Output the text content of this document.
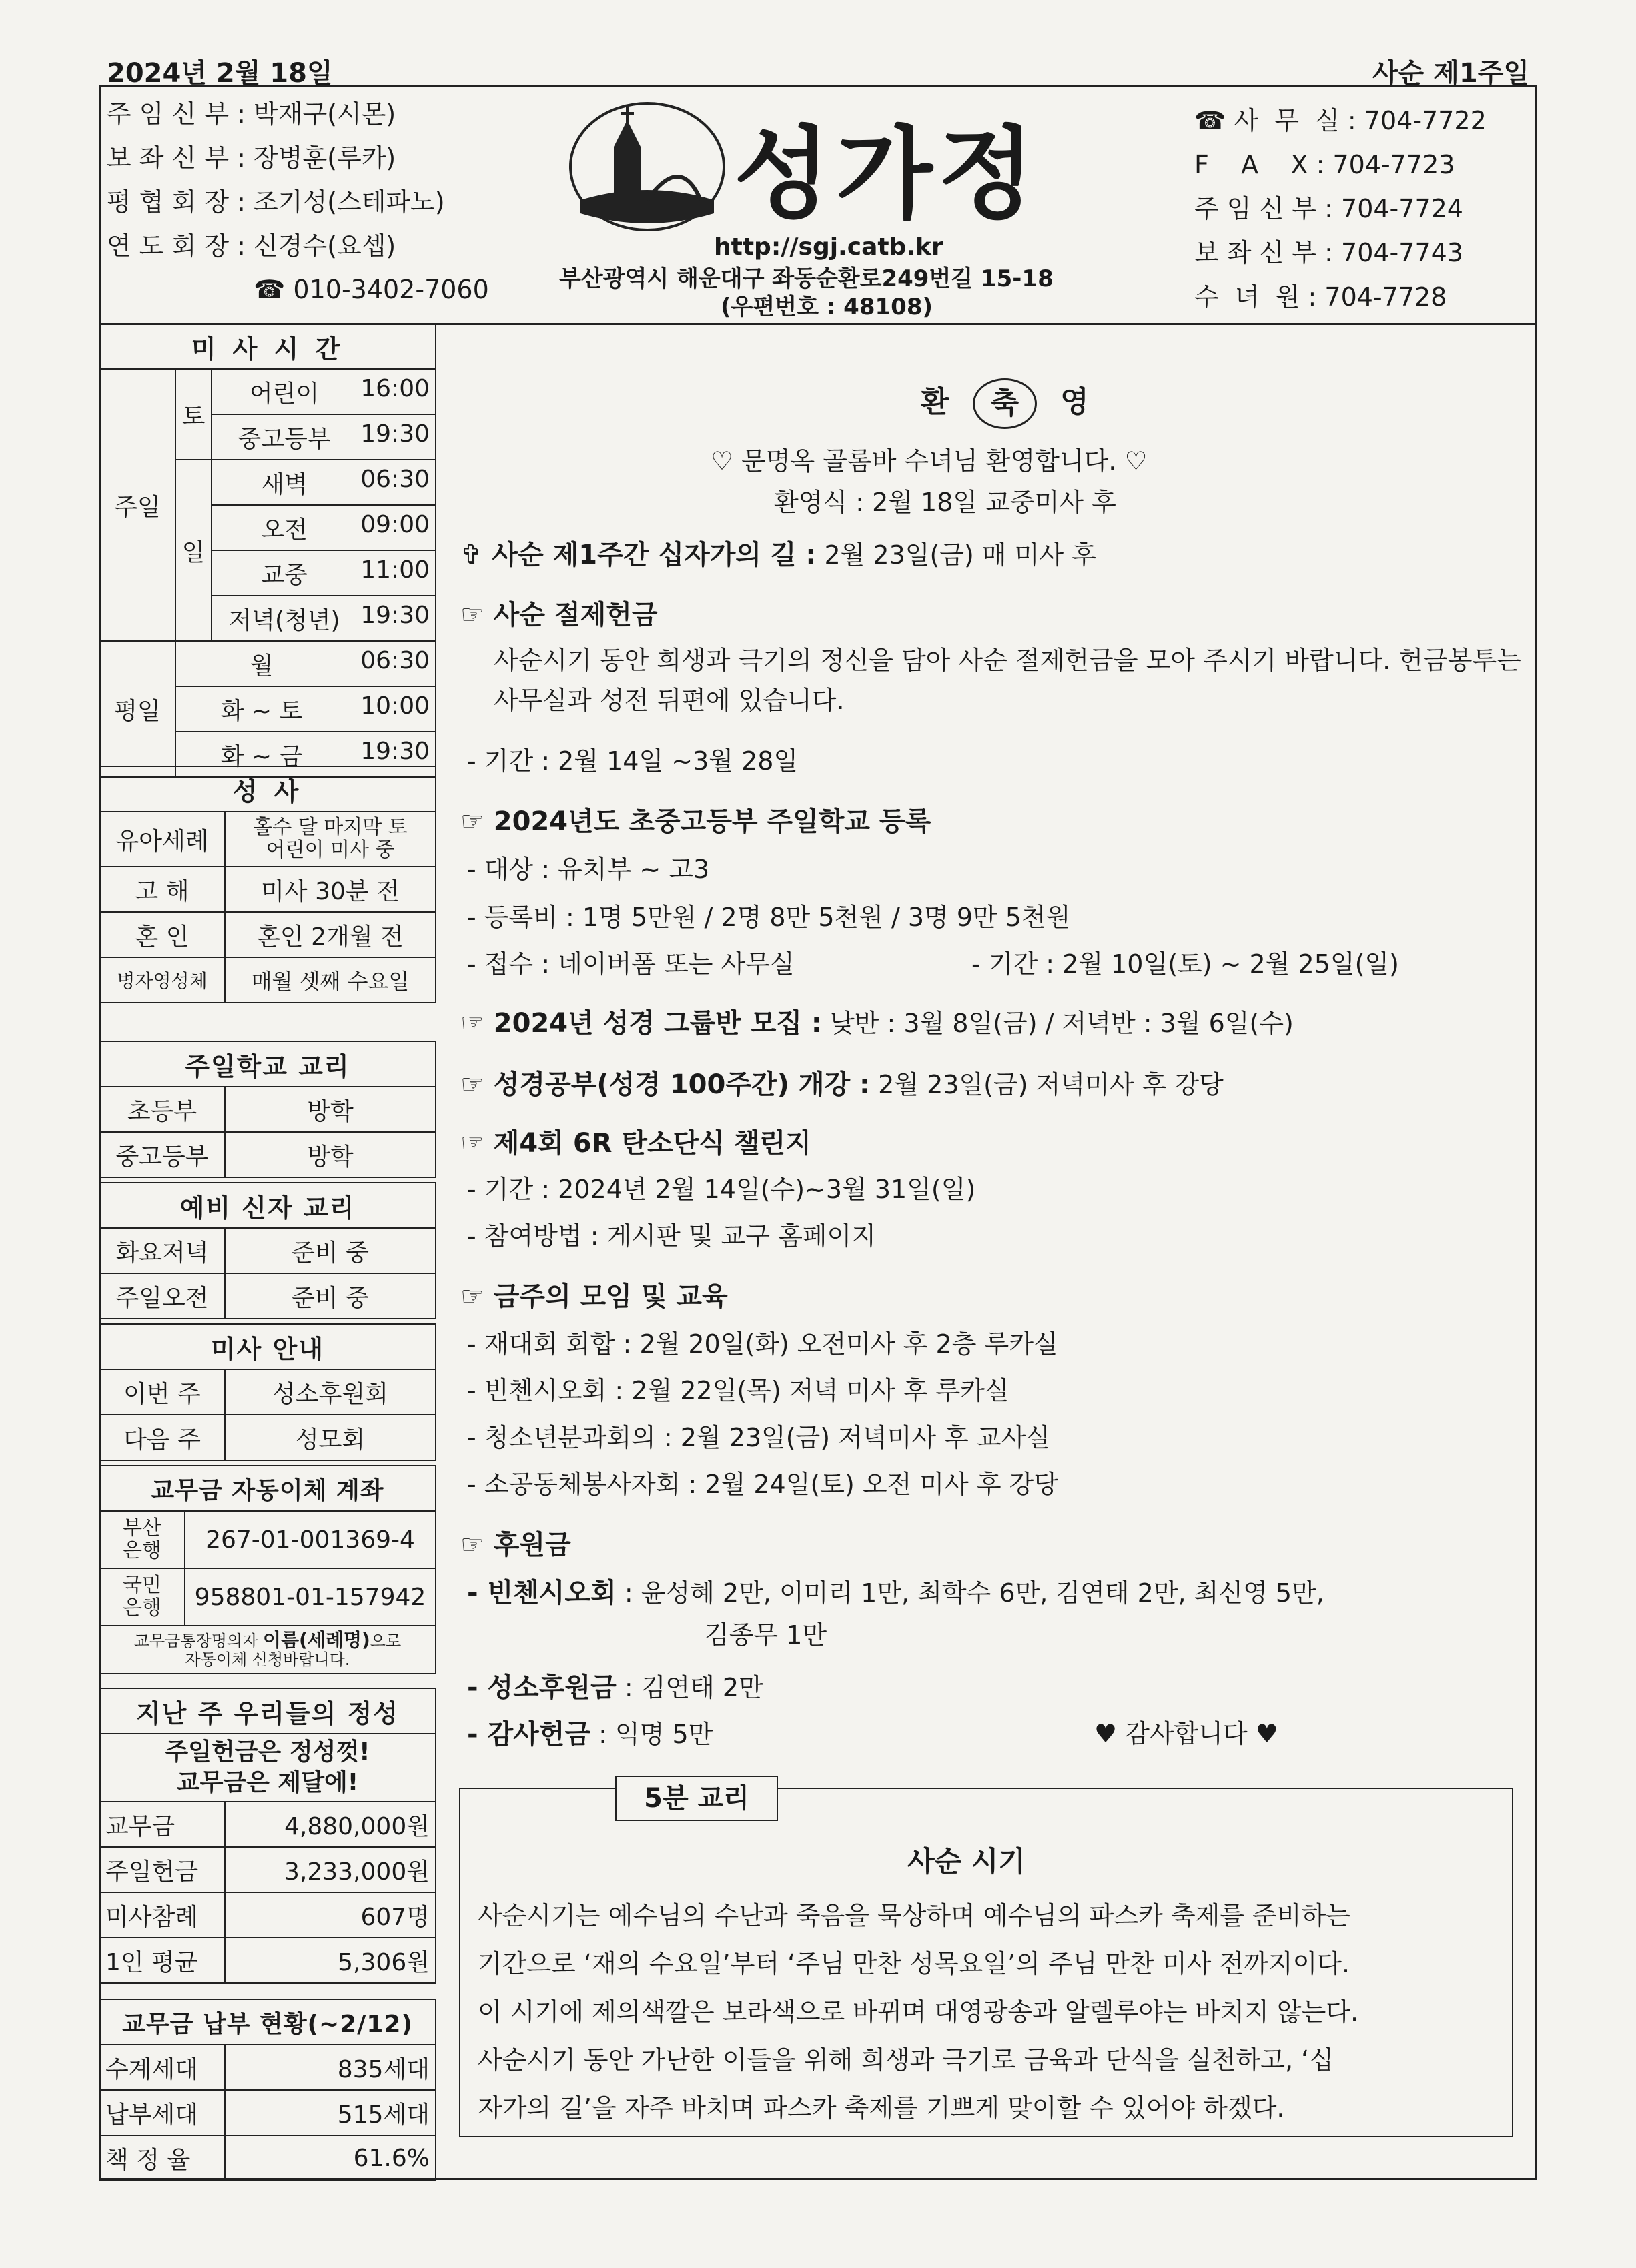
2024년 2월 18일	사순 제1주일
주 임 신 부 : 박재구(시몬)
보 좌 신 부 : 장병훈(루카)
평 협 회 장 : 조기성(스테파노)
연 도 회 장 : 신경수(요셉)
☎ 010-3402-7060
성가정
http://sgj.catb.kr
부산광역시 해운대구 좌동순환로249번길 15-18
(우편번호 : 48108)
☎ 사  무  실 : 704-7722
F    A    X : 704-7723
주 임 신 부 : 704-7724
보 좌 신 부 : 704-7743
수  녀  원 : 704-7728
미 사 시 간		
주일	토	어린이 16:00

		중고등부 19:30

	일	새벽 06:30

		오전 09:00

		교중 11:00

		저녁(청년) 19:30

평일	월 06:30	

	화 ~ 토 10:00	

	화 ~ 금 19:30	
성 사	
유아세례	홀수 달 마지막 토
어린이 미사 중

고 해	미사 30분 전
혼 인	혼인 2개월 전
병자영성체	매월 셋째 수요일
주일학교 교리	
초등부	방학
중고등부	방학
예비 신자 교리	
화요저녁	준비 중
주일오전	준비 중
미사 안내	
이번 주	성소후원회
다음 주	성모회
교무금 자동이체 계좌	

부산
은행	267-01-001369-4

국민
은행	958801-01-157942

교무금통장명의자 이름(세례명)으로
자동이체 신청바랍니다.	
지난 주 우리들의 정성	

주일헌금은 정성껏!
교무금은 제달에!	

교무금	4,880,000원
주일헌금	3,233,000원
미사참례	607명
1인 평균	5,306원
교무금 납부 현황(~2/12)	
수계세대	835세대
납부세대	515세대
책 정 율	61.6%
환 축 영
♡ 문명옥 골롬바 수녀님 환영합니다. ♡
환영식 : 2월 18일 교중미사 후
✞ 사순 제1주간 십자가의 길 : 2월 23일(금) 매 미사 후
☞ 사순 절제헌금
사순시기 동안 희생과 극기의 정신을 담아 사순 절제헌금을 모아 주시기 바랍니다. 헌금봉투는 사무실과 성전 뒤편에 있습니다.
- 기간 : 2월 14일 ~3월 28일
☞ 2024년도 초중고등부 주일학교 등록
- 대상 : 유치부 ~ 고3
- 등록비 : 1명 5만원 / 2명 8만 5천원 / 3명 9만 5천원
- 접수 : 네이버폼 또는 사무실	- 기간 : 2월 10일(토) ~ 2월 25일(일)
☞ 2024년 성경 그룹반 모집 : 낮반 : 3월 8일(금) / 저녁반 : 3월 6일(수)
☞ 성경공부(성경 100주간) 개강 : 2월 23일(금) 저녁미사 후 강당
☞ 제4회 6R 탄소단식 챌린지
- 기간 : 2024년 2월 14일(수)~3월 31일(일)
- 참여방법 : 게시판 및 교구 홈페이지
☞ 금주의 모임 및 교육
- 재대회 회합 : 2월 20일(화) 오전미사 후 2층 루카실
- 빈첸시오회 : 2월 22일(목) 저녁 미사 후 루카실
- 청소년분과회의 : 2월 23일(금) 저녁미사 후 교사실
- 소공동체봉사자회 : 2월 24일(토) 오전 미사 후 강당
☞ 후원금
- 빈첸시오회 : 윤성혜 2만, 이미리 1만, 최학수 6만, 김연태 2만, 최신영 5만,
김종무 1만
- 성소후원금 : 김연태 2만
- 감사헌금 : 익명 5만	♥ 감사합니다 ♥
5분 교리
사순 시기
사순시기는 예수님의 수난과 죽음을 묵상하며 예수님의 파스카 축제를 준비하는
기간으로 ‘재의 수요일’부터 ‘주님 만찬 성목요일’의 주님 만찬 미사 전까지이다.
이 시기에 제의색깔은 보라색으로 바뀌며 대영광송과 알렐루야는 바치지 않는다.
사순시기 동안 가난한 이들을 위해 희생과 극기로 금육과 단식을 실천하고, ‘십
자가의 길’을 자주 바치며 파스카 축제를 기쁘게 맞이할 수 있어야 하겠다.
